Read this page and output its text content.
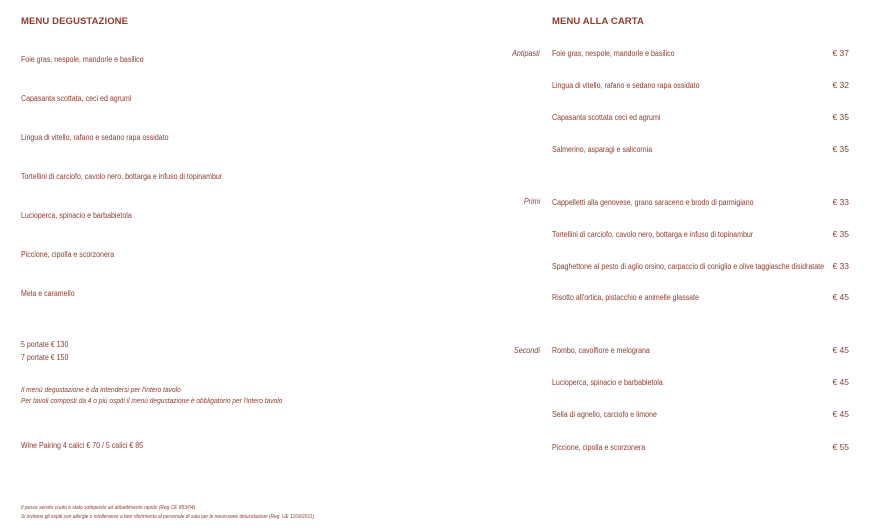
MENU DEGUSTAZIONE
Foie gras, nespole, mandorle e basilico
Capasanta scottata, ceci ed agrumi
Lingua di vitello, rafano e sedano rapa ossidato
Tortellini di carciofo, cavolo nero, bottarga e infuso di topinambur
Lucioperca, spinacio e barbabietola
Piccione, cipolla e scorzonera
Mela e caramello
5 portate € 130
7 portate € 150
Il menù degustazione è da intendersi per l'intero tavolo
Per tavoli composti da 4 o più ospiti il menù degustazione è obbligatorio per l'intero tavolo
Wine Pairing 4 calici € 70 / 5 calici € 85
Il pesce servito crudo è stato sottoposto ad abbattimento rapido (Reg.CE 853/04)
Si invitano gli ospiti con allergie o intolleranze a fare riferimento al personale di sala per le necessarie delucidazioni (Reg. UE 1169/2011)
MENU ALLA CARTA
Antipasti Foie gras, nespole, mandorle e basilico	€ 37
Lingua di vitello, rafano e sedano rapa ossidato	€ 32
Capasanta scottata ceci ed agrumi	€ 35
Salmerino, asparagi e salicornia	€ 35
Primi Cappelletti alla genovese, grano saraceno e brodo di parmigiano	€ 33
Tortellini di carciofo, cavolo nero, bottarga e infuso di topinambur	€ 35
Spaghettone al pesto di aglio orsino, carpaccio di coniglio e olive taggiasche disidratate € 33
Risotto all'ortica, pistacchio e animelle glassate	€ 45
Secondi Rombo, cavolfiore e melograna	€ 45
Lucioperca, spinacio e barbabietola	€ 45
Sella di agnello, carciofo e limone	€ 45
Piccione, cipolla e scorzonera	€ 55
